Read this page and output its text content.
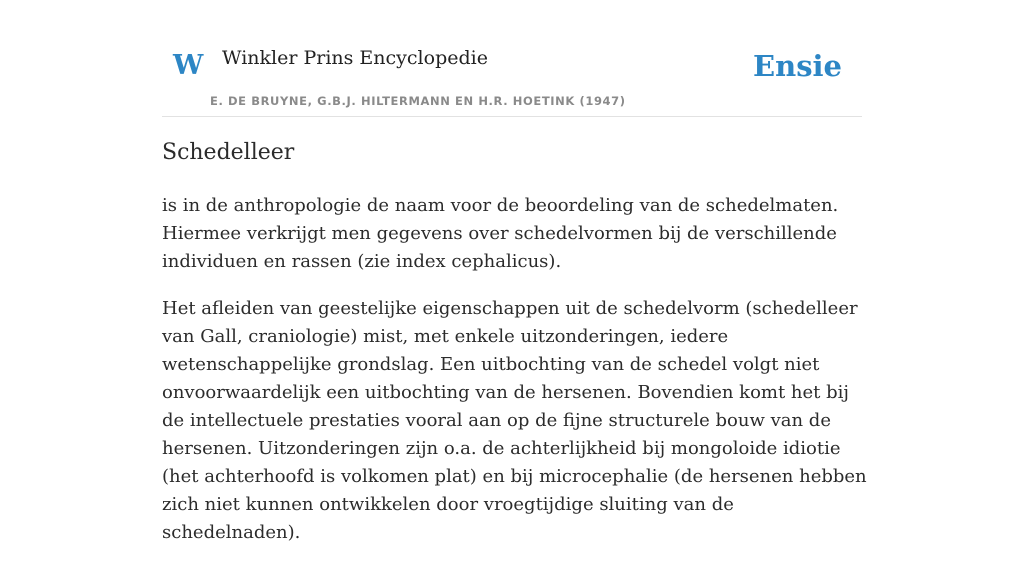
W Winkler Prins Encyclopedie
E. DE BRUYNE, G.B.J. HILTERMANN EN H.R. HOETINK (1947)
Ensie
Schedelleer

is in de anthropologie de naam voor de beoordeling van de schedelmaten. Hiermee verkrijgt men gegevens over schedelvormen bij de verschillende individuen en rassen (zie index cephalicus).

Het afleiden van geestelijke eigenschappen uit de schedelvorm (schedelleer van Gall, craniologie) mist, met enkele uitzonderingen, iedere wetenschappelijke grondslag. Een uitbochting van de schedel volgt niet onvoorwaardelijk een uitbochting van de hersenen. Bovendien komt het bij de intellectuele prestaties vooral aan op de fijne structurele bouw van de hersenen. Uitzonderingen zijn o.a. de achterlijkheid bij mongoloide idiotie (het achterhoofd is volkomen plat) en bij microcephalie (de hersenen hebben zich niet kunnen ontwikkelen door vroegtijdige sluiting van de schedelnaden).
